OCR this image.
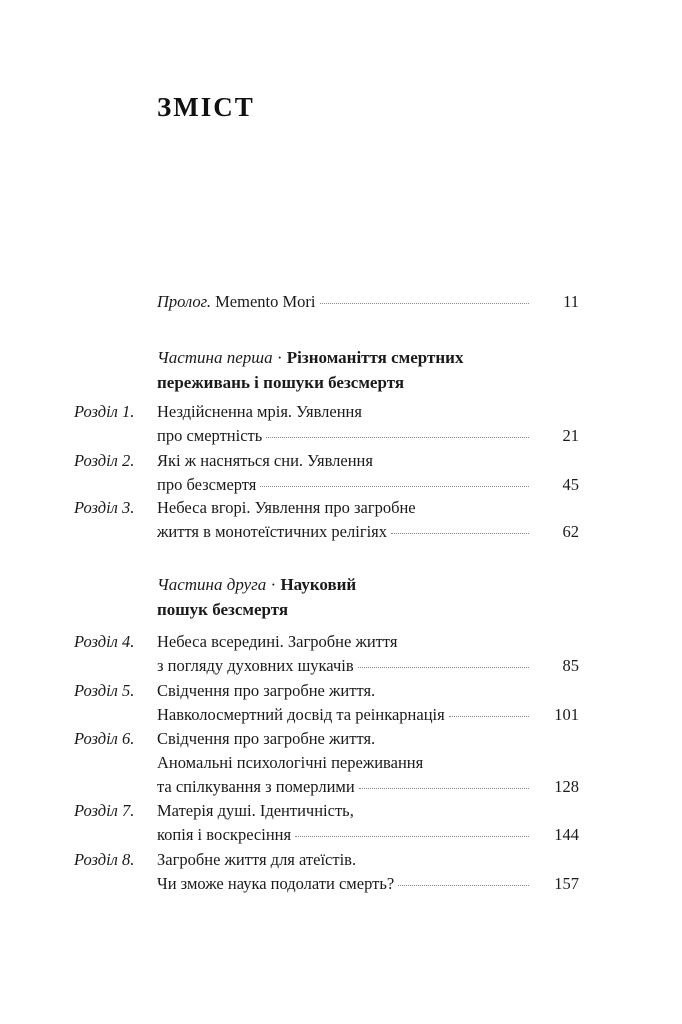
ЗМІСТ
Пролог. Memento Mori	11
Частина перша · Різноманіття смертних
переживань і пошуки безсмертя
Розділ 1. Нездійсненна мрія. Уявлення
про смертність	21
Розділ 2. Які ж насняться сни. Уявлення
про безсмертя	45
Розділ 3. Небеса вгорі. Уявлення про загробне
життя в монотеїстичних релігіях	62
Частина друга · Науковий
пошук безсмертя
Розділ 4. Небеса всередині. Загробне життя
з погляду духовних шукачів	85
Розділ 5. Свідчення про загробне життя.
Навколосмертний досвід та реінкарнація	101
Розділ 6. Свідчення про загробне життя.
Аномальні психологічні переживання
та спілкування з померлими	128
Розділ 7. Матерія душі. Ідентичність,
копія і воскресіння	144
Розділ 8. Загробне життя для атеїстів.
Чи зможе наука подолати смерть?	157
